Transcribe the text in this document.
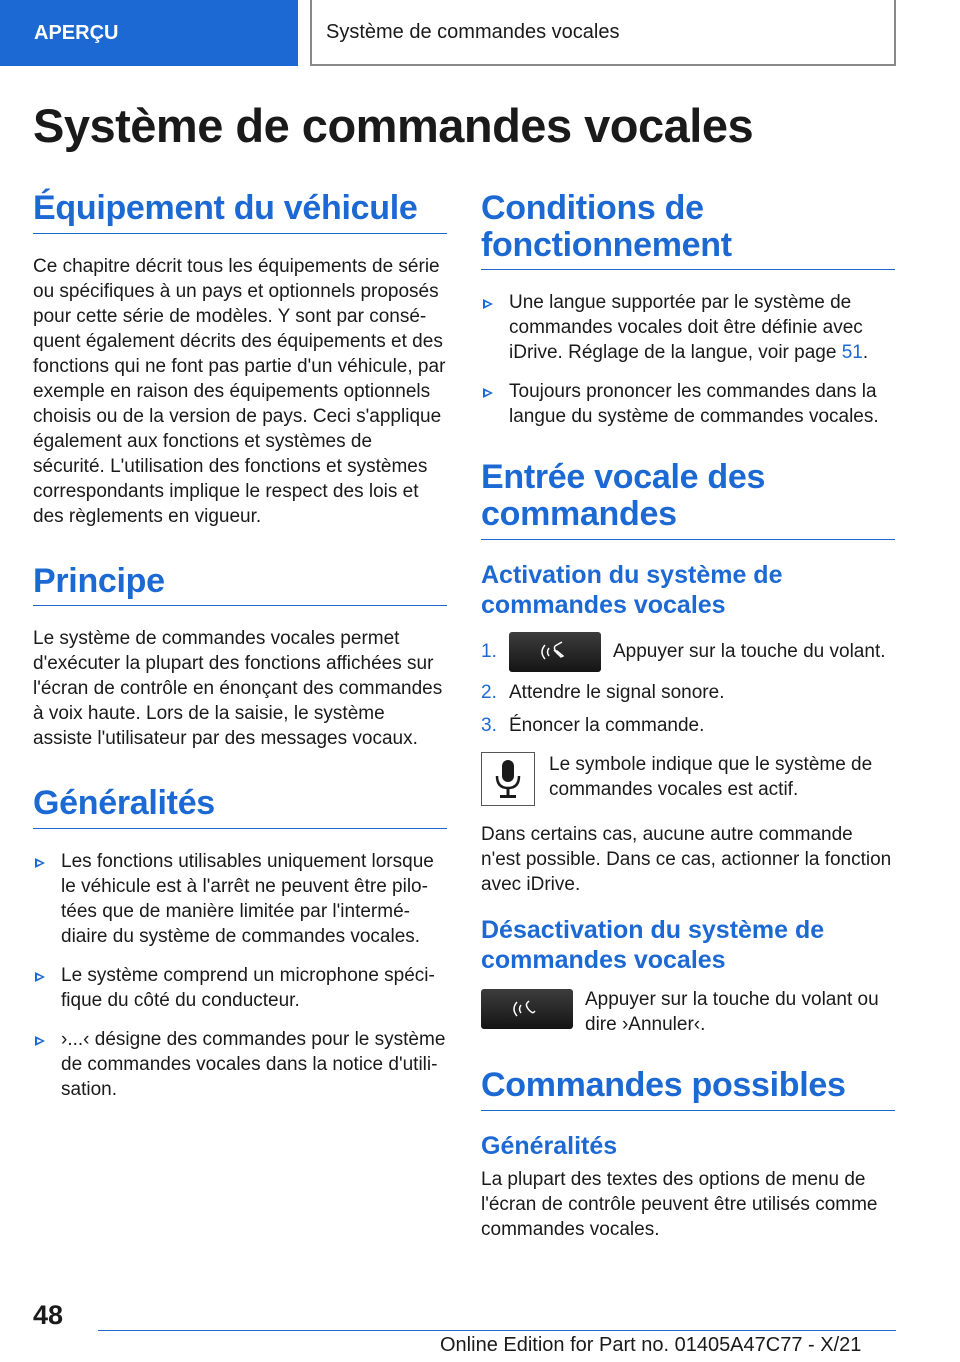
APERÇU	Système de commandes vocales
Système de commandes vocales
Équipement du véhicule

Ce chapitre décrit tous les équipements de série ou spécifiques à un pays et optionnels proposés pour cette série de modèles. Y sont par conséquent également décrits des équipements et des fonctions qui ne font pas partie d'un véhicule, par exemple en raison des équipements optionnels choisis ou de la version de pays. Ceci s'applique également aux fonctions et systèmes de sécurité. L'utilisation des fonctions et systèmes correspondants implique le respect des lois et des règlements en vigueur.

Principe

Le système de commandes vocales permet d'exécuter la plupart des fonctions affichées sur l'écran de contrôle en énonçant des commandes à voix haute. Lors de la saisie, le système assiste l'utilisateur par des messages vocaux.

Généralités
Les fonctions utilisables uniquement lorsque le véhicule est à l'arrêt ne peuvent être pilotées que de manière limitée par l'intermédiaire du système de commandes vocales.
Le système comprend un microphone spécifique du côté du conducteur.
›...‹ désigne des commandes pour le système de commandes vocales dans la notice d'utilisation.
Conditions de fonctionnement
Une langue supportée par le système de commandes vocales doit être définie avec iDrive. Réglage de la langue, voir page 51.
Toujours prononcer les commandes dans la langue du système de commandes vocales.
Entrée vocale des commandes
Activation du système de commandes vocales
1.	Appuyer sur la touche du volant.
2. Attendre le signal sonore.
3. Énoncer la commande.

Le symbole indique que le système de commandes vocales est actif.

Dans certains cas, aucune autre commande n'est possible. Dans ce cas, actionner la fonction avec iDrive.

Désactivation du système de commandes vocales

Appuyer sur la touche du volant ou dire ›Annuler‹.

Commandes possibles
Généralités

La plupart des textes des options de menu de l'écran de contrôle peuvent être utilisés comme commandes vocales.

48
Online Edition for Part no. 01405A47C77 - X/21
